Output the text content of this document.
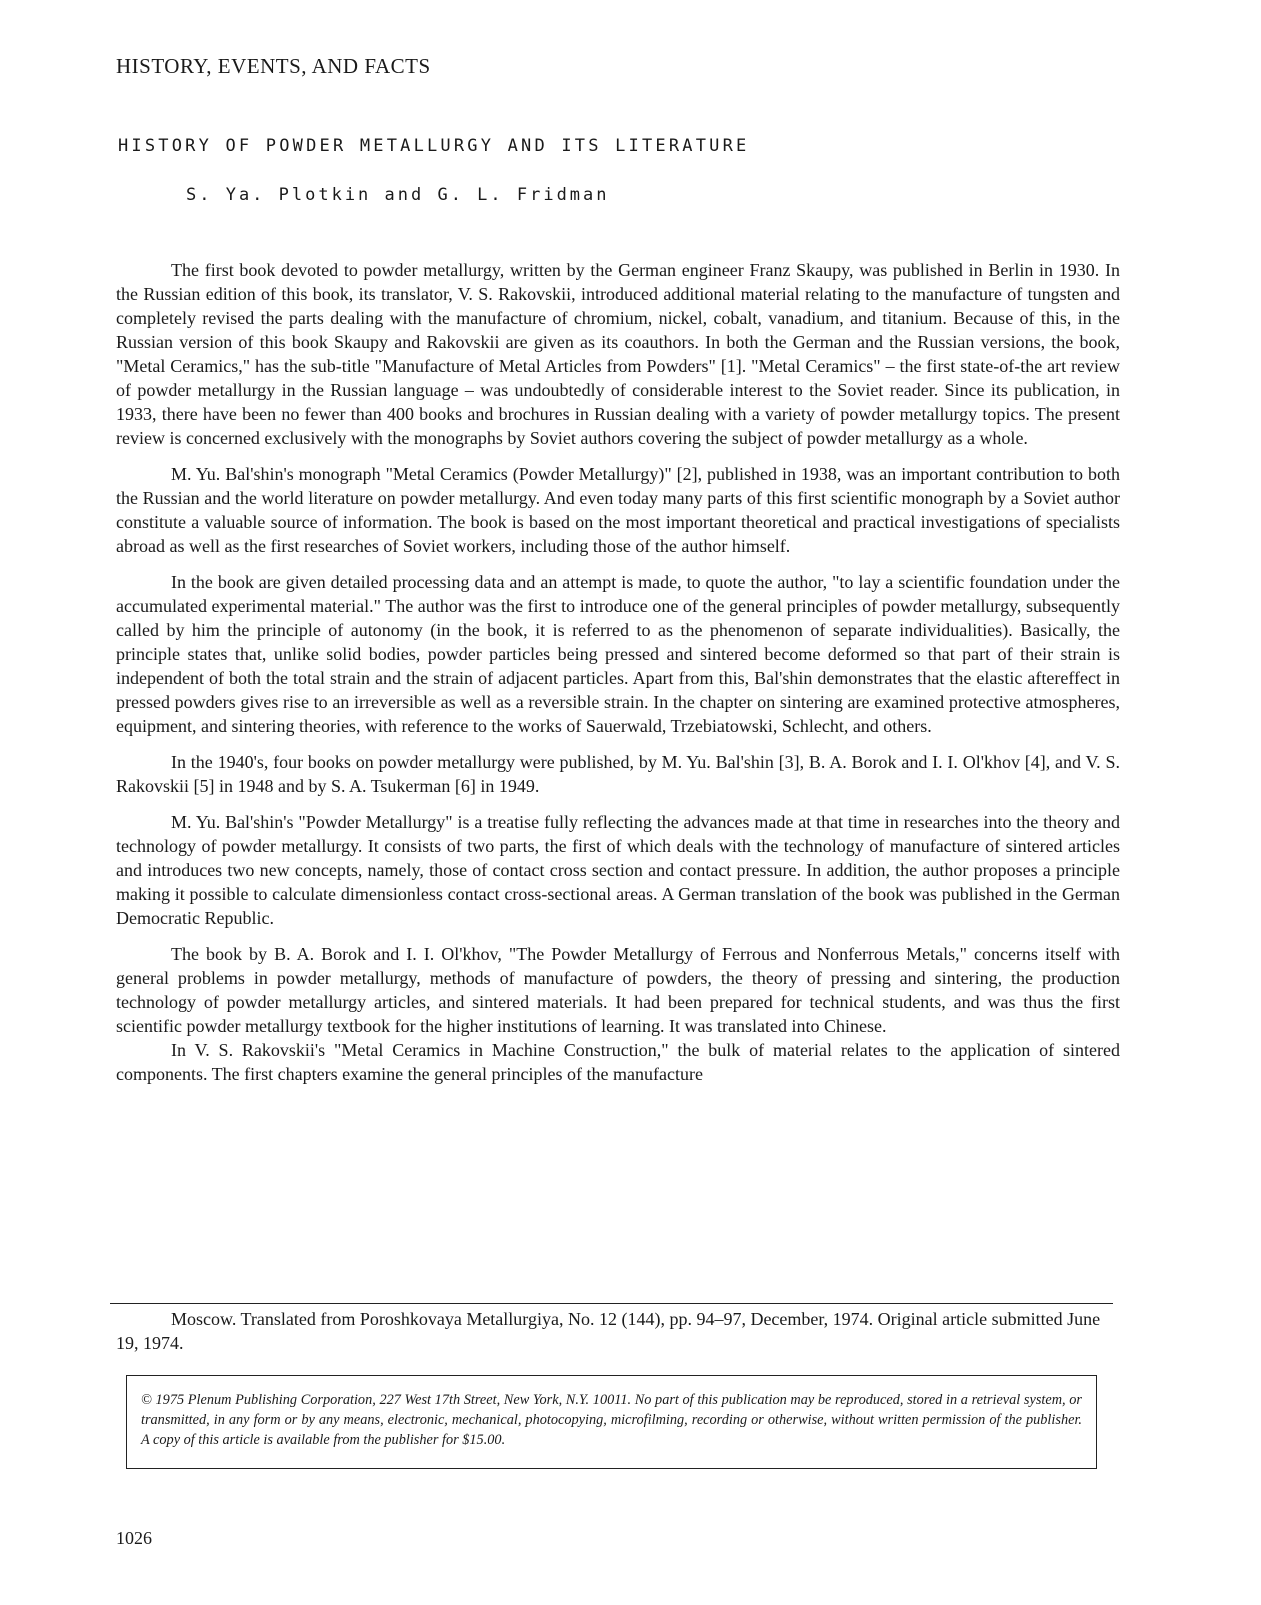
HISTORY, EVENTS, AND FACTS
HISTORY OF POWDER METALLURGY AND ITS LITERATURE
S. Ya. Plotkin and G. L. Fridman

The first book devoted to powder metallurgy, written by the German engineer Franz Skaupy, was published in Berlin in 1930. In the Russian edition of this book, its translator, V. S. Rakovskii, introduced additional material relating to the manufacture of tungsten and completely revised the parts dealing with the manufacture of chromium, nickel, cobalt, vanadium, and titanium. Because of this, in the Russian version of this book Skaupy and Rakovskii are given as its coauthors. In both the German and the Russian versions, the book, "Metal Ceramics," has the sub-title "Manufacture of Metal Articles from Powders" [1]. "Metal Ceramics" – the first state-of-the art review of powder metallurgy in the Russian language – was undoubtedly of considerable interest to the Soviet reader. Since its publication, in 1933, there have been no fewer than 400 books and brochures in Russian dealing with a variety of powder metallurgy topics. The present review is concerned exclusively with the monographs by Soviet authors covering the subject of powder metallurgy as a whole.

M. Yu. Bal'shin's monograph "Metal Ceramics (Powder Metallurgy)" [2], published in 1938, was an important contribution to both the Russian and the world literature on powder metallurgy. And even today many parts of this first scientific monograph by a Soviet author constitute a valuable source of information. The book is based on the most important theoretical and practical investigations of specialists abroad as well as the first researches of Soviet workers, including those of the author himself.

In the book are given detailed processing data and an attempt is made, to quote the author, "to lay a scientific foundation under the accumulated experimental material." The author was the first to introduce one of the general principles of powder metallurgy, subsequently called by him the principle of autonomy (in the book, it is referred to as the phenomenon of separate individualities). Basically, the principle states that, unlike solid bodies, powder particles being pressed and sintered become deformed so that part of their strain is independent of both the total strain and the strain of adjacent particles. Apart from this, Bal'shin demonstrates that the elastic aftereffect in pressed powders gives rise to an irreversible as well as a reversible strain. In the chapter on sintering are examined protective atmospheres, equipment, and sintering theories, with reference to the works of Sauerwald, Trzebiatowski, Schlecht, and others.

In the 1940's, four books on powder metallurgy were published, by M. Yu. Bal'shin [3], B. A. Borok and I. I. Ol'khov [4], and V. S. Rakovskii [5] in 1948 and by S. A. Tsukerman [6] in 1949.

M. Yu. Bal'shin's "Powder Metallurgy" is a treatise fully reflecting the advances made at that time in researches into the theory and technology of powder metallurgy. It consists of two parts, the first of which deals with the technology of manufacture of sintered articles and introduces two new concepts, namely, those of contact cross section and contact pressure. In addition, the author proposes a principle making it possible to calculate dimensionless contact cross-sectional areas. A German translation of the book was published in the German Democratic Republic.

The book by B. A. Borok and I. I. Ol'khov, "The Powder Metallurgy of Ferrous and Nonferrous Metals," concerns itself with general problems in powder metallurgy, methods of manufacture of powders, the theory of pressing and sintering, the production technology of powder metallurgy articles, and sintered materials. It had been prepared for technical students, and was thus the first scientific powder metallurgy textbook for the higher institutions of learning. It was translated into Chinese.

In V. S. Rakovskii's "Metal Ceramics in Machine Construction," the bulk of material relates to the application of sintered components. The first chapters examine the general principles of the manufacture

Moscow. Translated from Poroshkovaya Metallurgiya, No. 12 (144), pp. 94–97, December, 1974. Original article submitted June 19, 1974.

© 1975 Plenum Publishing Corporation, 227 West 17th Street, New York, N.Y. 10011. No part of this publication may be reproduced, stored in a retrieval system, or transmitted, in any form or by any means, electronic, mechanical, photocopying, microfilming, recording or otherwise, without written permission of the publisher. A copy of this article is available from the publisher for $15.00.
1026
